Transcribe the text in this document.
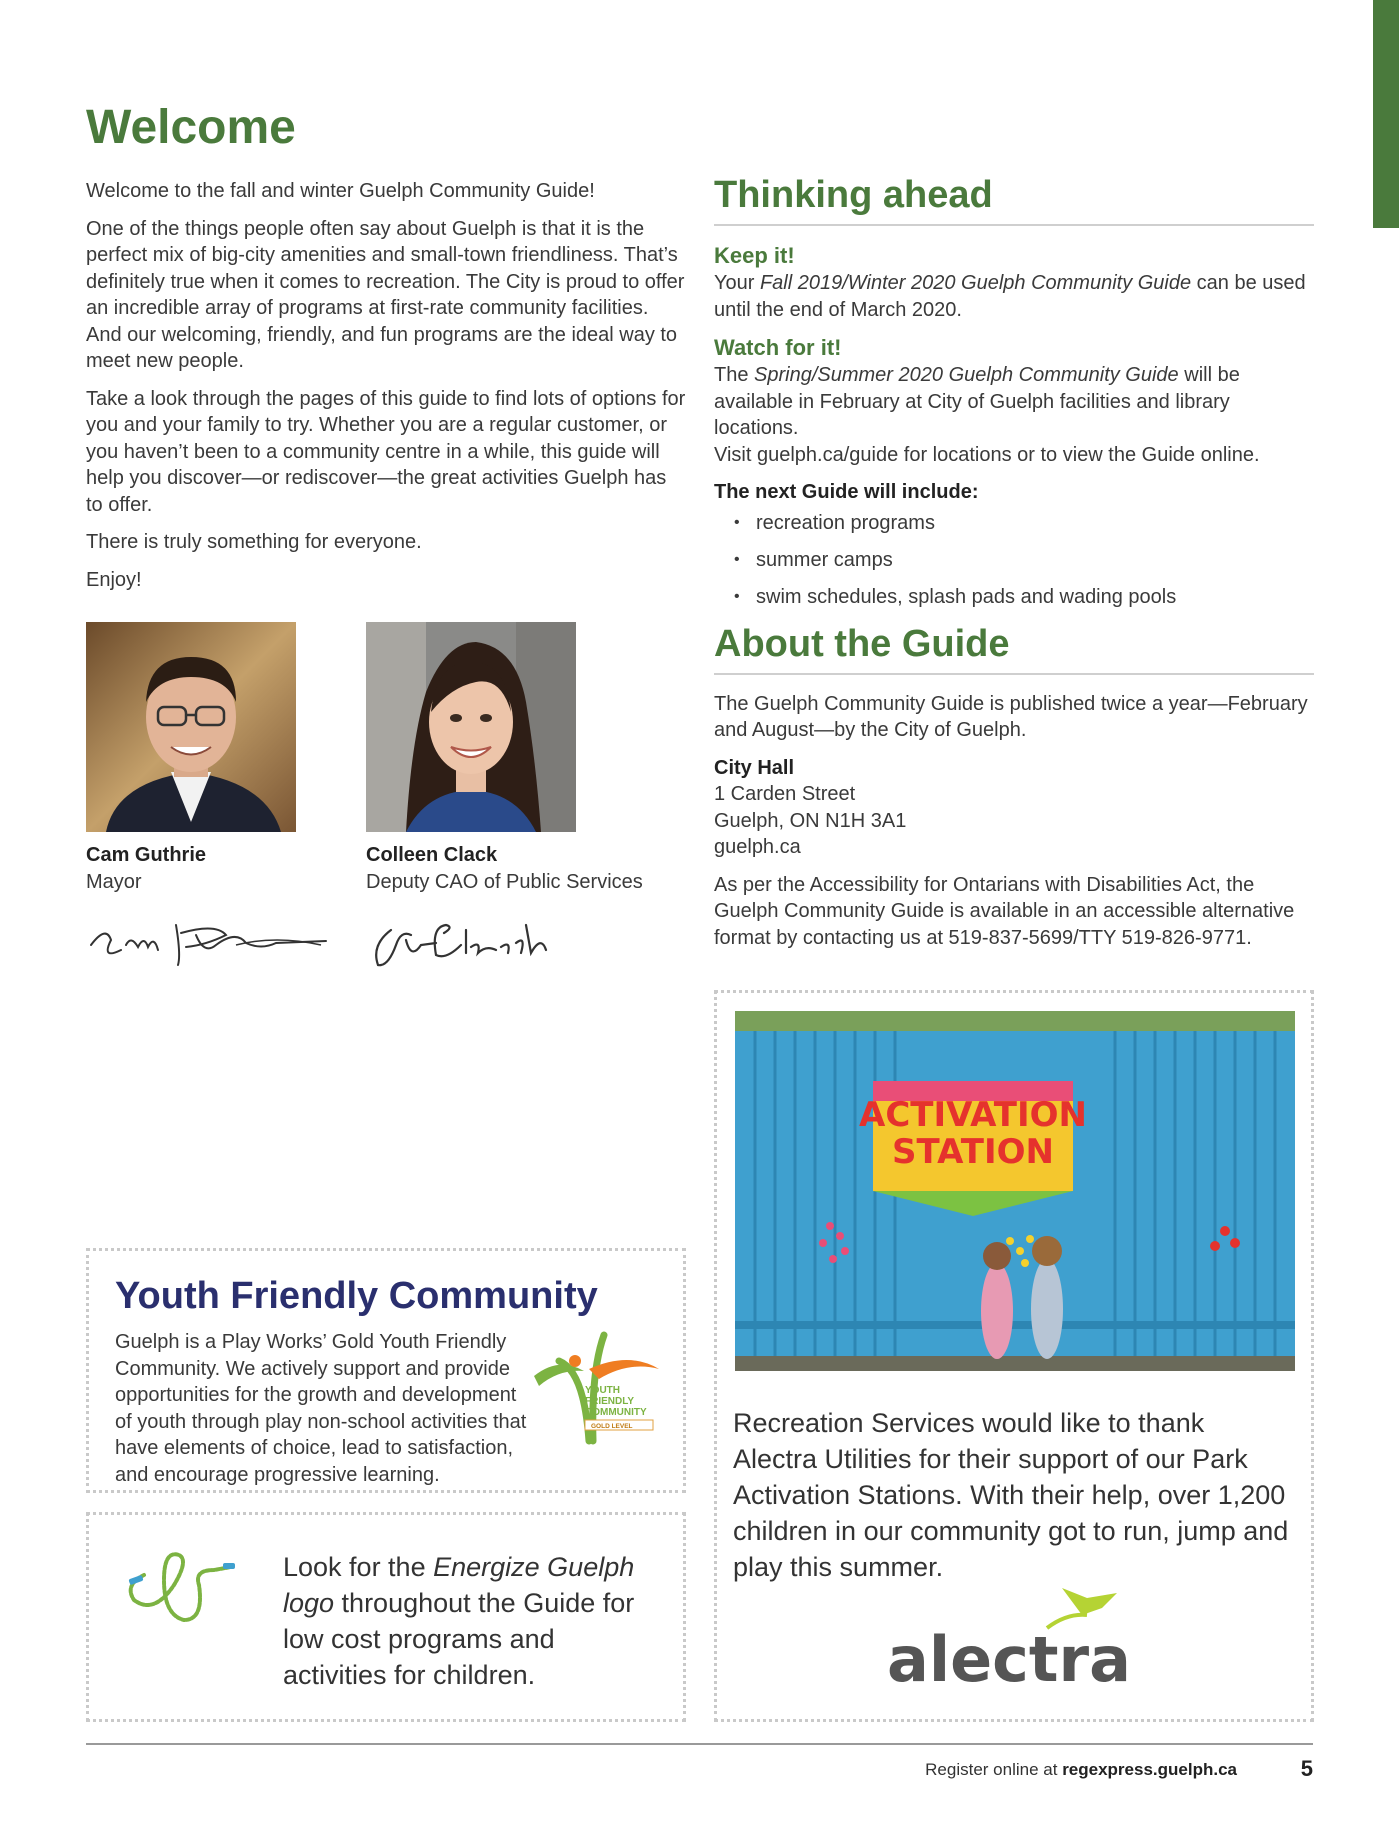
Welcome

Welcome to the fall and winter Guelph Community Guide!

One of the things people often say about Guelph is that it is the perfect mix of big-city amenities and small-town friendliness. That’s definitely true when it comes to recreation. The City is proud to offer an incredible array of programs at first-rate community facilities. And our welcoming, friendly, and fun programs are the ideal way to meet new people.

Take a look through the pages of this guide to find lots of options for you and your family to try. Whether you are a regular customer, or you haven’t been to a community centre in a while, this guide will help you discover—or rediscover—the great activities Guelph has to offer.

There is truly something for everyone.

Enjoy!

Cam Guthrie
Mayor
Colleen Clack
Deputy CAO of Public Services
Thinking ahead
Keep it!

Your Fall 2019/Winter 2020 Guelph Community Guide can be used until the end of March 2020.

Watch for it!

The Spring/Summer 2020 Guelph Community Guide will be available in February at City of Guelph facilities and library locations.

Visit guelph.ca/guide for locations or to view the Guide online.

The next Guide will include:

• recreation programs
• summer camps
• swim schedules, splash pads and wading pools
About the Guide

The Guelph Community Guide is published twice a year—February and August—by the City of Guelph.

City Hall
1 Carden Street
Guelph, ON N1H 3A1

guelph.ca

As per the Accessibility for Ontarians with Disabilities Act, the Guelph Community Guide is available in an accessible alternative format by contacting us at 519-837-5699/TTY 519-826-9771.

Youth Friendly Community
Guelph is a Play Works’ Gold Youth Friendly Community. We actively support and provide opportunities for the growth and development of youth through play non-school activities that have elements of choice, lead to satisfaction, and encourage progressive learning.
YOUTH
FRIENDLY
COMMUNITY
GOLD LEVEL
Look for the Energize Guelph logo throughout the Guide for low cost programs and activities for children.
ACTIVATION
STATION
Recreation Services would like to thank Alectra Utilities for their support of our Park Activation Stations. With their help, over 1,200 children in our community got to run, jump and play this summer.
alectra
Register online at regexpress.guelph.ca	5
